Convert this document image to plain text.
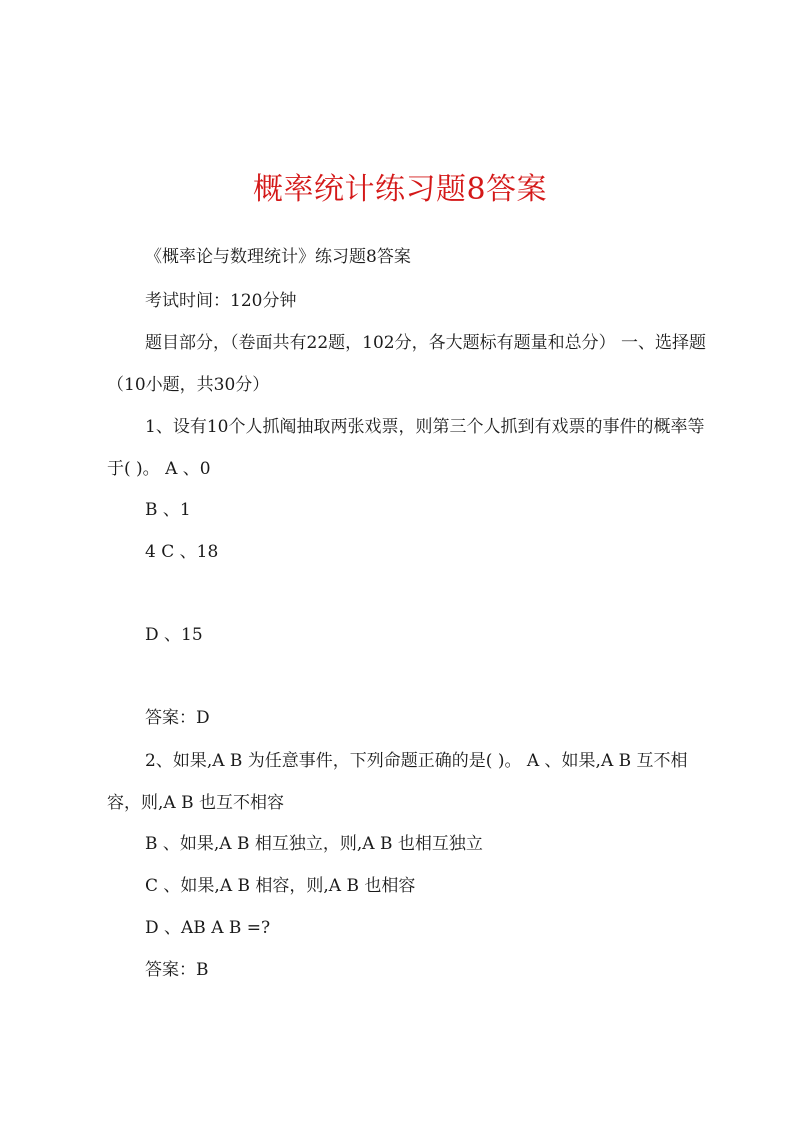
概率统计练习题8答案

《概率论与数理统计》练习题8答案

考试时间：120分钟

题目部分，（卷面共有22题，102分，各大题标有题量和总分） 一、选择题（10小题，共30分）

1、设有10个人抓阄抽取两张戏票，则第三个人抓到有戏票的事件的概率等于( )。 A 、0

B 、1

4 C 、18

D 、15

答案：D

2、如果,A B 为任意事件，下列命题正确的是( )。 A 、如果,A B 互不相容，则,A B 也互不相容

B 、如果,A B 相互独立，则,A B 也相互独立

C 、如果,A B 相容，则,A B 也相容

D 、AB A B =?

答案：B
